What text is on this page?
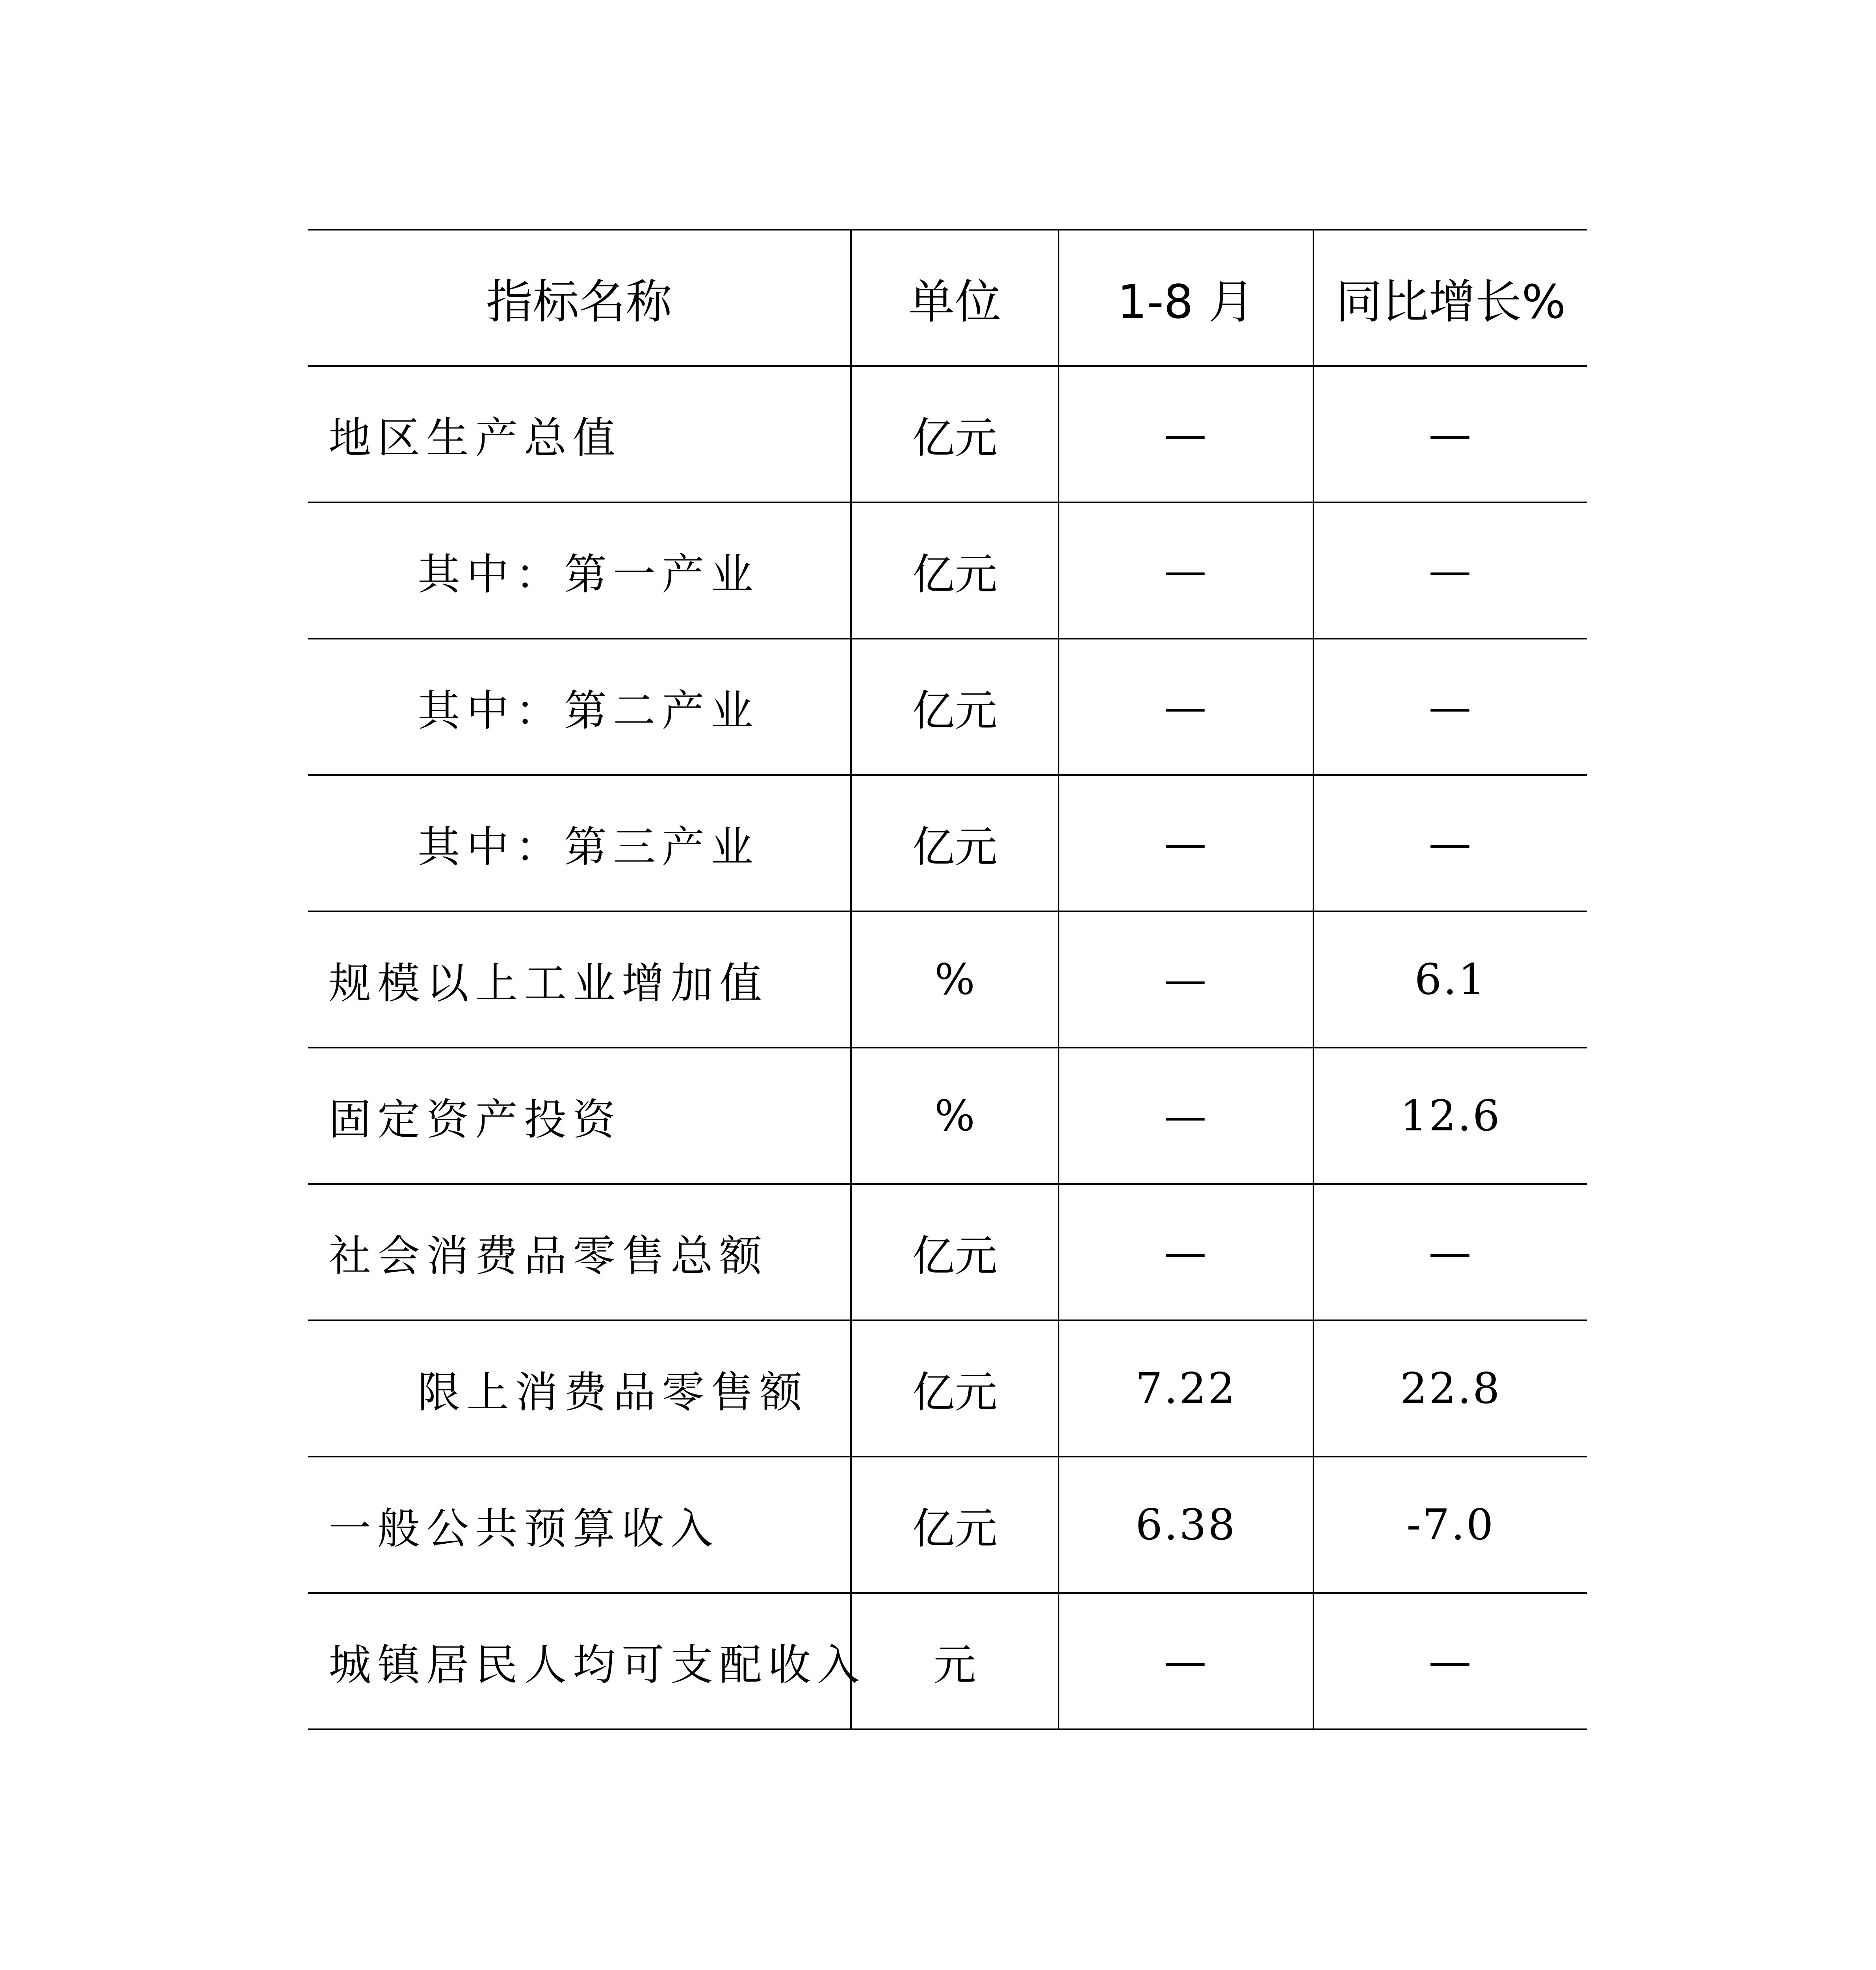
指标名称	单位	1-8 月	同比增长%
地区生产总值	亿元	—	—
其中：第一产业	亿元	—	—
其中：第二产业	亿元	—	—
其中：第三产业	亿元	—	—
规模以上工业增加值	%	—	6.1
固定资产投资	%	—	12.6
社会消费品零售总额	亿元	—	—
限上消费品零售额	亿元	7.22	22.8
一般公共预算收入	亿元	6.38	-7.0
城镇居民人均可支配收入	元	—	—
